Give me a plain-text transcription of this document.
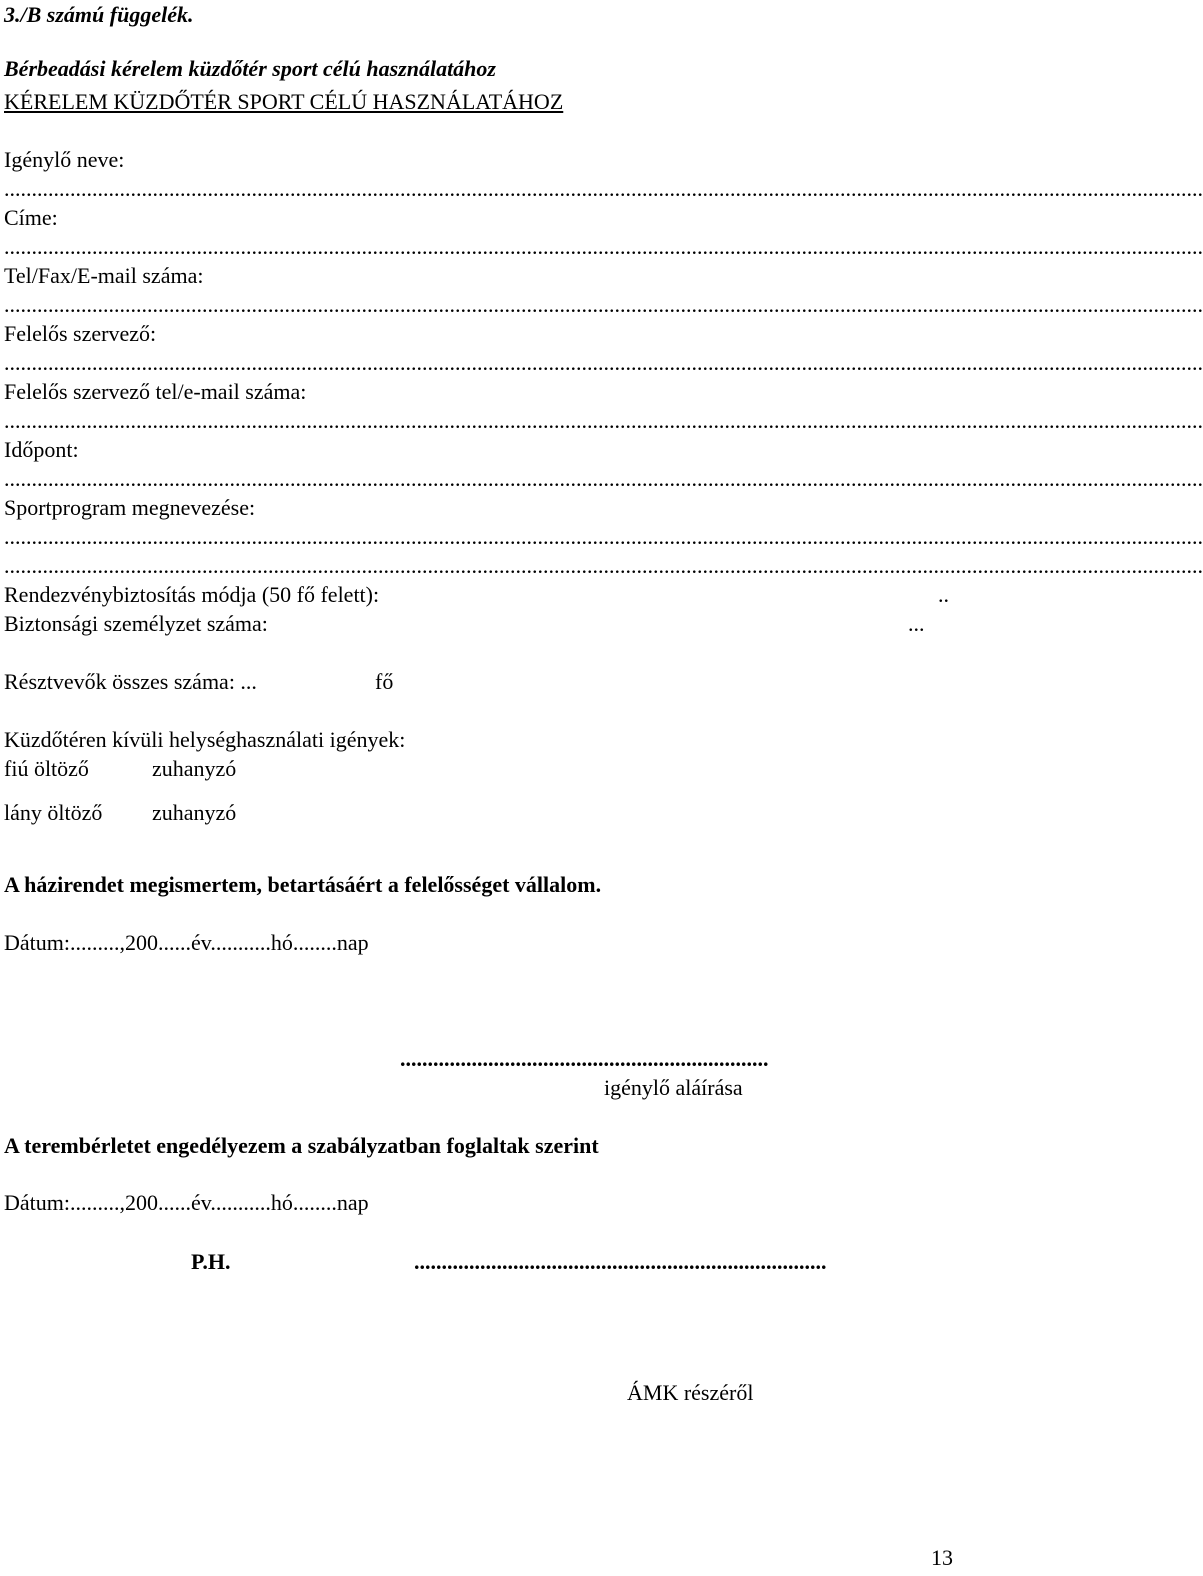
3./B számú függelék.
Bérbeadási kérelem küzdőtér sport célú használatához
KÉRELEM KÜZDŐTÉR SPORT CÉLÚ HASZNÁLATÁHOZ
Igénylő neve:
..........................................................................................................................................................................................................................
Címe:
..........................................................................................................................................................................................................................
Tel/Fax/E-mail száma:
..........................................................................................................................................................................................................................
Felelős szervező:
..........................................................................................................................................................................................................................
Felelős szervező tel/e-mail száma:
..........................................................................................................................................................................................................................
Időpont:
..........................................................................................................................................................................................................................
Sportprogram megnevezése:
..........................................................................................................................................................................................................................
..........................................................................................................................................................................................................................
Rendezvénybiztosítás módja (50 fő felett):	..
Biztonsági személyzet száma:	...
Résztvevők összes száma: ...	fő
Küzdőtéren kívüli helységhasználati igények:
fiú öltöző	zuhanyzó
lány öltöző zuhanyzó
A házirendet megismertem, betartásáért a felelősséget vállalom.
Dátum:.........,200......év...........hó........nap
...................................................................
igénylő aláírása
A terembérletet engedélyezem a szabályzatban foglaltak szerint
Dátum:.........,200......év...........hó........nap
P.H.	...........................................................................
ÁMK részéről
13
